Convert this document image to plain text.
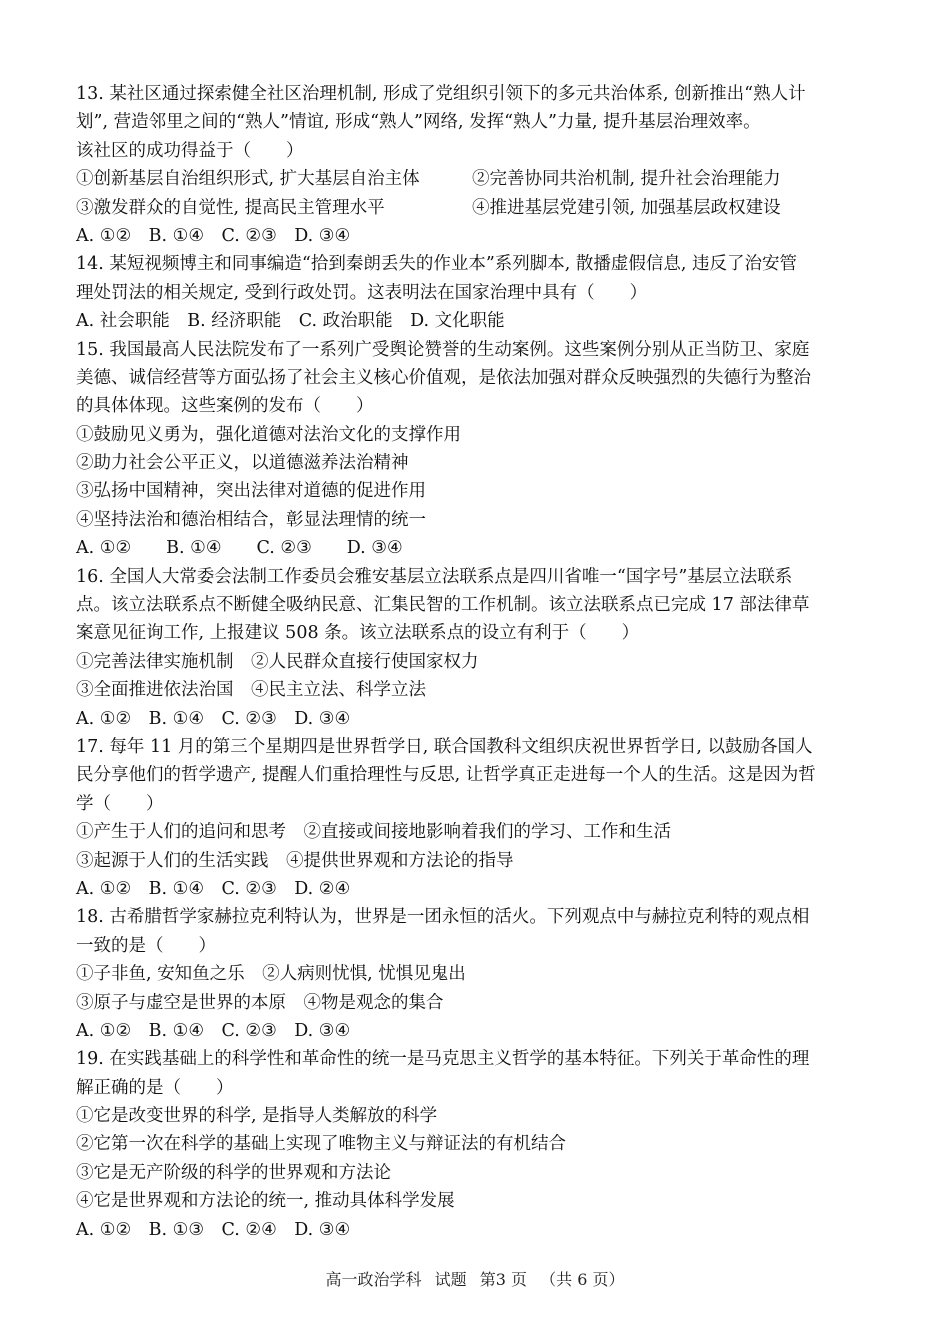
13. 某社区通过探索健全社区治理机制, 形成了党组织引领下的多元共治体系, 创新推出“熟人计
划”, 营造邻里之间的“熟人”情谊, 形成“熟人”网络, 发挥“熟人”力量, 提升基层治理效率。
该社区的成功得益于（　　）
①创新基层自治组织形式, 扩大基层自治主体	②完善协同共治机制, 提升社会治理能力
③激发群众的自觉性, 提高民主管理水平	④推进基层党建引领, 加强基层政权建设
A. ①②　B. ①④　C. ②③　D. ③④
14. 某短视频博主和同事编造“拾到秦朗丢失的作业本”系列脚本, 散播虚假信息, 违反了治安管
理处罚法的相关规定, 受到行政处罚。这表明法在国家治理中具有（　　）
A. 社会职能　B. 经济职能　C. 政治职能　D. 文化职能
15. 我国最高人民法院发布了一系列广受舆论赞誉的生动案例。这些案例分别从正当防卫、家庭
美德、诚信经营等方面弘扬了社会主义核心价值观，是依法加强对群众反映强烈的失德行为整治
的具体体现。这些案例的发布（　　）
①鼓励见义勇为，强化道德对法治文化的支撑作用
②助力社会公平正义，以道德滋养法治精神
③弘扬中国精神，突出法律对道德的促进作用
④坚持法治和德治相结合，彰显法理情的统一
A. ①②　　B. ①④　　C. ②③　　D. ③④
16. 全国人大常委会法制工作委员会雅安基层立法联系点是四川省唯一“国字号”基层立法联系
点。该立法联系点不断健全吸纳民意、汇集民智的工作机制。该立法联系点已完成 17 部法律草
案意见征询工作, 上报建议 508 条。该立法联系点的设立有利于（　　）
①完善法律实施机制　②人民群众直接行使国家权力
③全面推进依法治国　④民主立法、科学立法
A. ①②　B. ①④　C. ②③　D. ③④
17. 每年 11 月的第三个星期四是世界哲学日, 联合国教科文组织庆祝世界哲学日, 以鼓励各国人
民分享他们的哲学遗产, 提醒人们重拾理性与反思, 让哲学真正走进每一个人的生活。这是因为哲
学（　　）
①产生于人们的追问和思考　②直接或间接地影响着我们的学习、工作和生活
③起源于人们的生活实践　④提供世界观和方法论的指导
A. ①②　B. ①④　C. ②③　D. ②④
18. 古希腊哲学家赫拉克利特认为，世界是一团永恒的活火。下列观点中与赫拉克利特的观点相
一致的是（　　）
①子非鱼, 安知鱼之乐　②人病则忧惧, 忧惧见鬼出
③原子与虚空是世界的本原　④物是观念的集合
A. ①②　B. ①④　C. ②③　D. ③④
19. 在实践基础上的科学性和革命性的统一是马克思主义哲学的基本特征。下列关于革命性的理
解正确的是（　　）
①它是改变世界的科学, 是指导人类解放的科学
②它第一次在科学的基础上实现了唯物主义与辩证法的有机结合
③它是无产阶级的科学的世界观和方法论
④它是世界观和方法论的统一, 推动具体科学发展
A. ①②　B. ①③　C. ②④　D. ③④
高一政治学科 试题 第3 页 （共 6 页）
